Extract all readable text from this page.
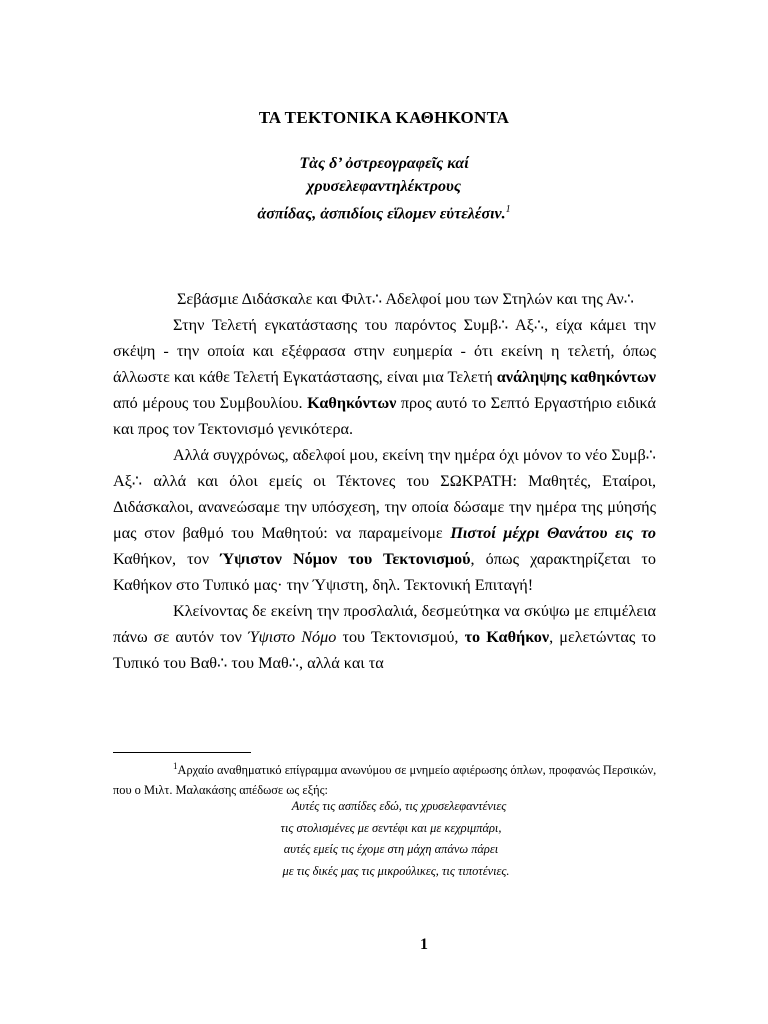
ΤΑ ΤΕΚΤΟΝΙΚΑ ΚΑΘΗΚΟΝΤΑ
Τὰς δ’ ὀστρεογραφεῖς καί
χρυσελεφαντηλέκτρους
ἀσπίδας, ἀσπιδίοις εἵλομεν εὐτελέσιν.$^1$

Σεβάσμιε Διδάσκαλε και Φιλτ∴ Αδελφοί μου των Στηλών και της Αν∴

Στην Τελετή εγκατάστασης του παρόντος Συμβ∴ Αξ∴, είχα κάμει την σκέψη - την οποία και εξέφρασα στην ευημερία - ότι εκείνη η τελετή, όπως άλλωστε και κάθε Τελετή Εγκατάστασης, είναι μια Τελετή ανάληψης καθηκόντων από μέρους του Συμβουλίου. Καθηκόντων προς αυτό το Σεπτό Εργαστήριο ειδικά και προς τον Τεκτονισμό γενικότερα.

Αλλά συγχρόνως, αδελφοί μου, εκείνη την ημέρα όχι μόνον το νέο Συμβ∴ Αξ∴ αλλά και όλοι εμείς οι Τέκτονες του ΣΩΚΡΑΤΗ: Μαθητές, Εταίροι, Διδάσκαλοι, ανανεώσαμε την υπόσχεση, την οποία δώσαμε την ημέρα της μύησής μας στον βαθμό του Μαθητού: να παραμείνομε Πιστοί μέχρι Θανάτου εις το Καθήκον, τον Ύψιστον Νόμον του Τεκτονισμού, όπως χαρακτηρίζεται το Καθήκον στο Τυπικό μας· την Ύψιστη, δηλ. Τεκτονική Επιταγή!

Κλείνοντας δε εκείνη την προσλαλιά, δεσμεύτηκα να σκύψω με επιμέλεια πάνω σε αυτόν τον Ύψιστο Νόμο του Τεκτονισμού, το Καθήκον, μελετώντας το Τυπικό του Βαθ∴ του Μαθ∴, αλλά και τα

$^1$Αρχαίο αναθηματικό επίγραμμα ανωνύμου σε μνημείο αφιέρωσης όπλων, προφανώς Περσικών, που ο Μιλτ. Μαλακάσης απέδωσε ως εξής:
Αυτές τις ασπίδες εδώ, τις χρυσελεφαντένιες
τις στολισμένες με σεντέφι και με κεχριμπάρι,
αυτές εμείς τις έχομε στη μάχη απάνω πάρει
με τις δικές μας τις μικρούλικες, τις τιποτένιες.
1
